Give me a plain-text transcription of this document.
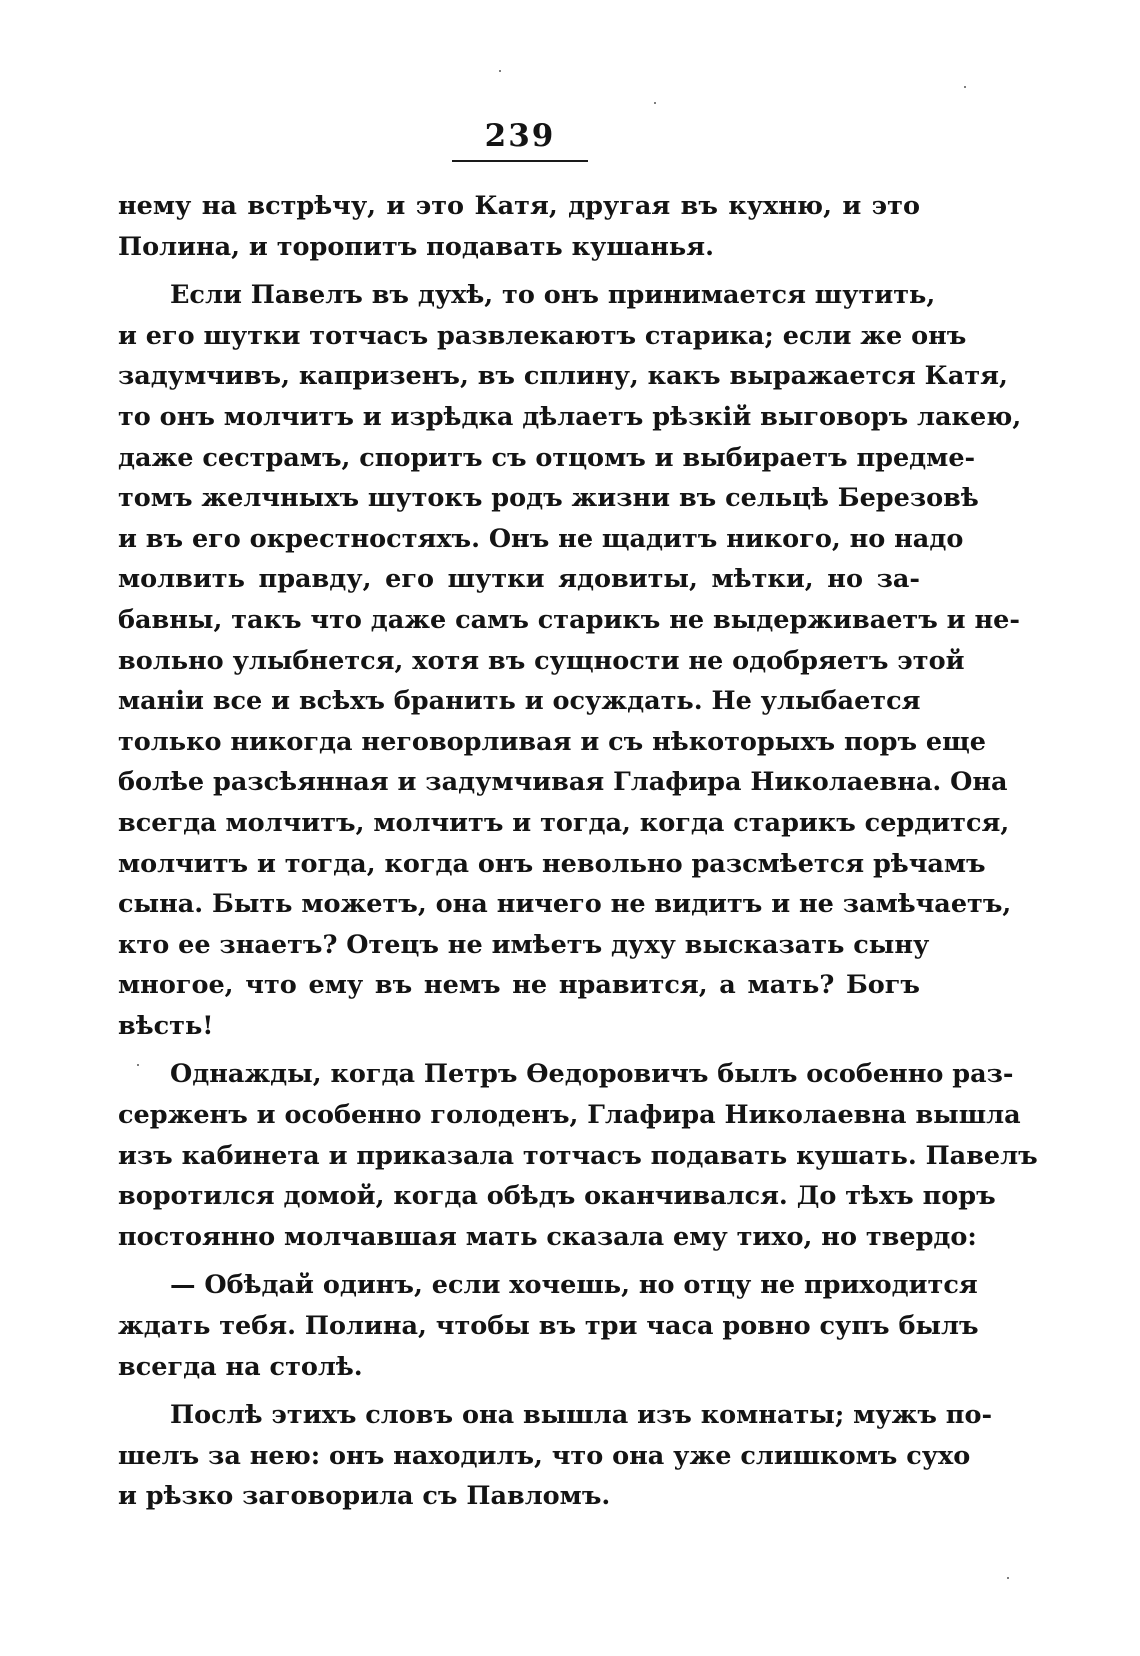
239
нему на встрѣчу, и это Катя, другая въ кухню, и это
Полина, и торопитъ подавать кушанья.
Если Павелъ въ духѣ, то онъ принимается шутить,
и его шутки тотчасъ развлекаютъ старика; если же онъ
задумчивъ, капризенъ, въ сплину, какъ выражается Катя,
то онъ молчитъ и изрѣдка дѣлаетъ рѣзкій выговоръ лакею,
даже сестрамъ, споритъ съ отцомъ и выбираетъ предме-
томъ желчныхъ шутокъ родъ жизни въ сельцѣ Березовѣ
и въ его окрестностяхъ. Онъ не щадитъ никого, но надо
молвить правду, его шутки ядовиты, мѣтки, но за-
бавны, такъ что даже самъ старикъ не выдерживаетъ и не-
вольно улыбнется, хотя въ сущности не одобряетъ этой
маніи все и всѣхъ бранить и осуждать. Не улыбается
только никогда неговорливая и съ нѣкоторыхъ поръ еще
болѣе разсѣянная и задумчивая Глафира Николаевна. Она
всегда молчитъ, молчитъ и тогда, когда старикъ сердится,
молчитъ и тогда, когда онъ невольно разсмѣется рѣчамъ
сына. Быть можетъ, она ничего не видитъ и не замѣчаетъ,
кто ее знаетъ? Отецъ не имѣетъ духу высказать сыну
многое, что ему въ немъ не нравится, а мать? Богъ
вѣсть!
Однажды, когда Петръ Ѳедоровичъ былъ особенно раз-
серженъ и особенно голоденъ, Глафира Николаевна вышла
изъ кабинета и приказала тотчасъ подавать кушать. Павелъ
воротился домой, когда обѣдъ оканчивался. До тѣхъ поръ
постоянно молчавшая мать сказала ему тихо, но твердо:
— Обѣдай одинъ, если хочешь, но отцу не приходится
ждать тебя. Полина, чтобы въ три часа ровно супъ былъ
всегда на столѣ.
Послѣ этихъ словъ она вышла изъ комнаты; мужъ по-
шелъ за нею: онъ находилъ, что она уже слишкомъ сухо
и рѣзко заговорила съ Павломъ.
